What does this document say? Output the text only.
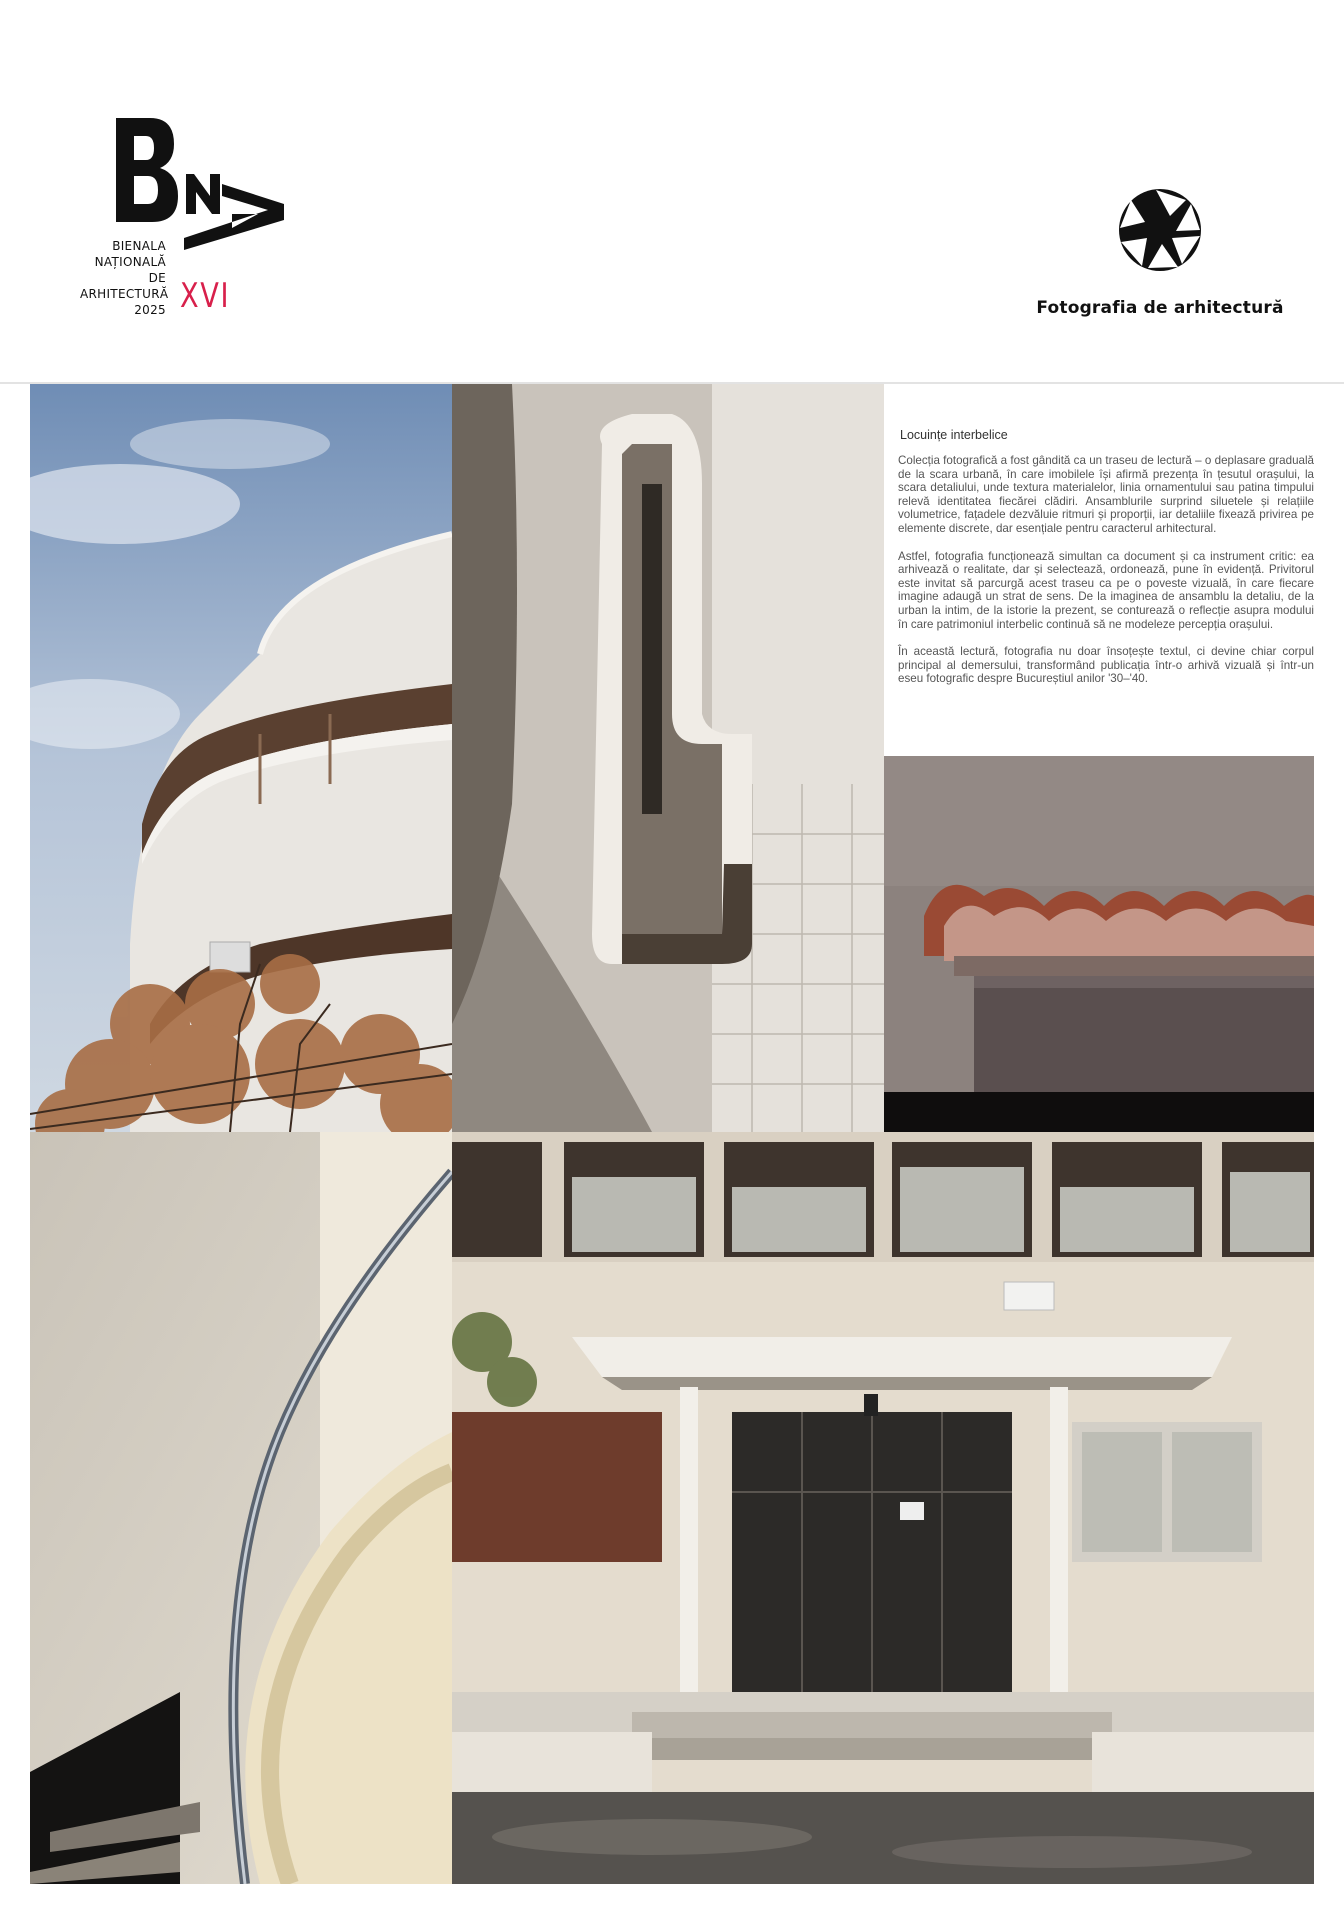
BIENALA
NAȚIONALĂ
DE
ARHITECTURĂ
2025 XVI	Fotografia de arhitectură
Locuințe interbelice

Colecția fotografică a fost gândită ca un traseu de lectură – o deplasare graduală de la scara urbană, în care imobilele își afirmă prezența în țesutul orașului, la scara detaliului, unde textura materialelor, linia ornamentului sau patina timpului relevă identitatea fiecărei clădiri. Ansamblurile surprind siluetele și relațiile volumetrice, fațadele dezvăluie ritmuri și proporții, iar detaliile fixează privirea pe elemente discrete, dar esențiale pentru caracterul arhitectural.

Astfel, fotografia funcționează simultan ca document și ca instrument critic: ea arhivează o realitate, dar și selectează, ordonează, pune în evidență. Privitorul este invitat să parcurgă acest traseu ca pe o poveste vizuală, în care fiecare imagine adaugă un strat de sens. De la imaginea de ansamblu la detaliu, de la urban la intim, de la istorie la prezent, se conturează o reflecție asupra modului în care patrimoniul interbelic continuă să ne modeleze percepția orașului.

În această lectură, fotografia nu doar însoțește textul, ci devine chiar corpul principal al demersului, transformând publicația într-o arhivă vizuală și într-un eseu fotografic despre Bucureștiul anilor '30–'40.
